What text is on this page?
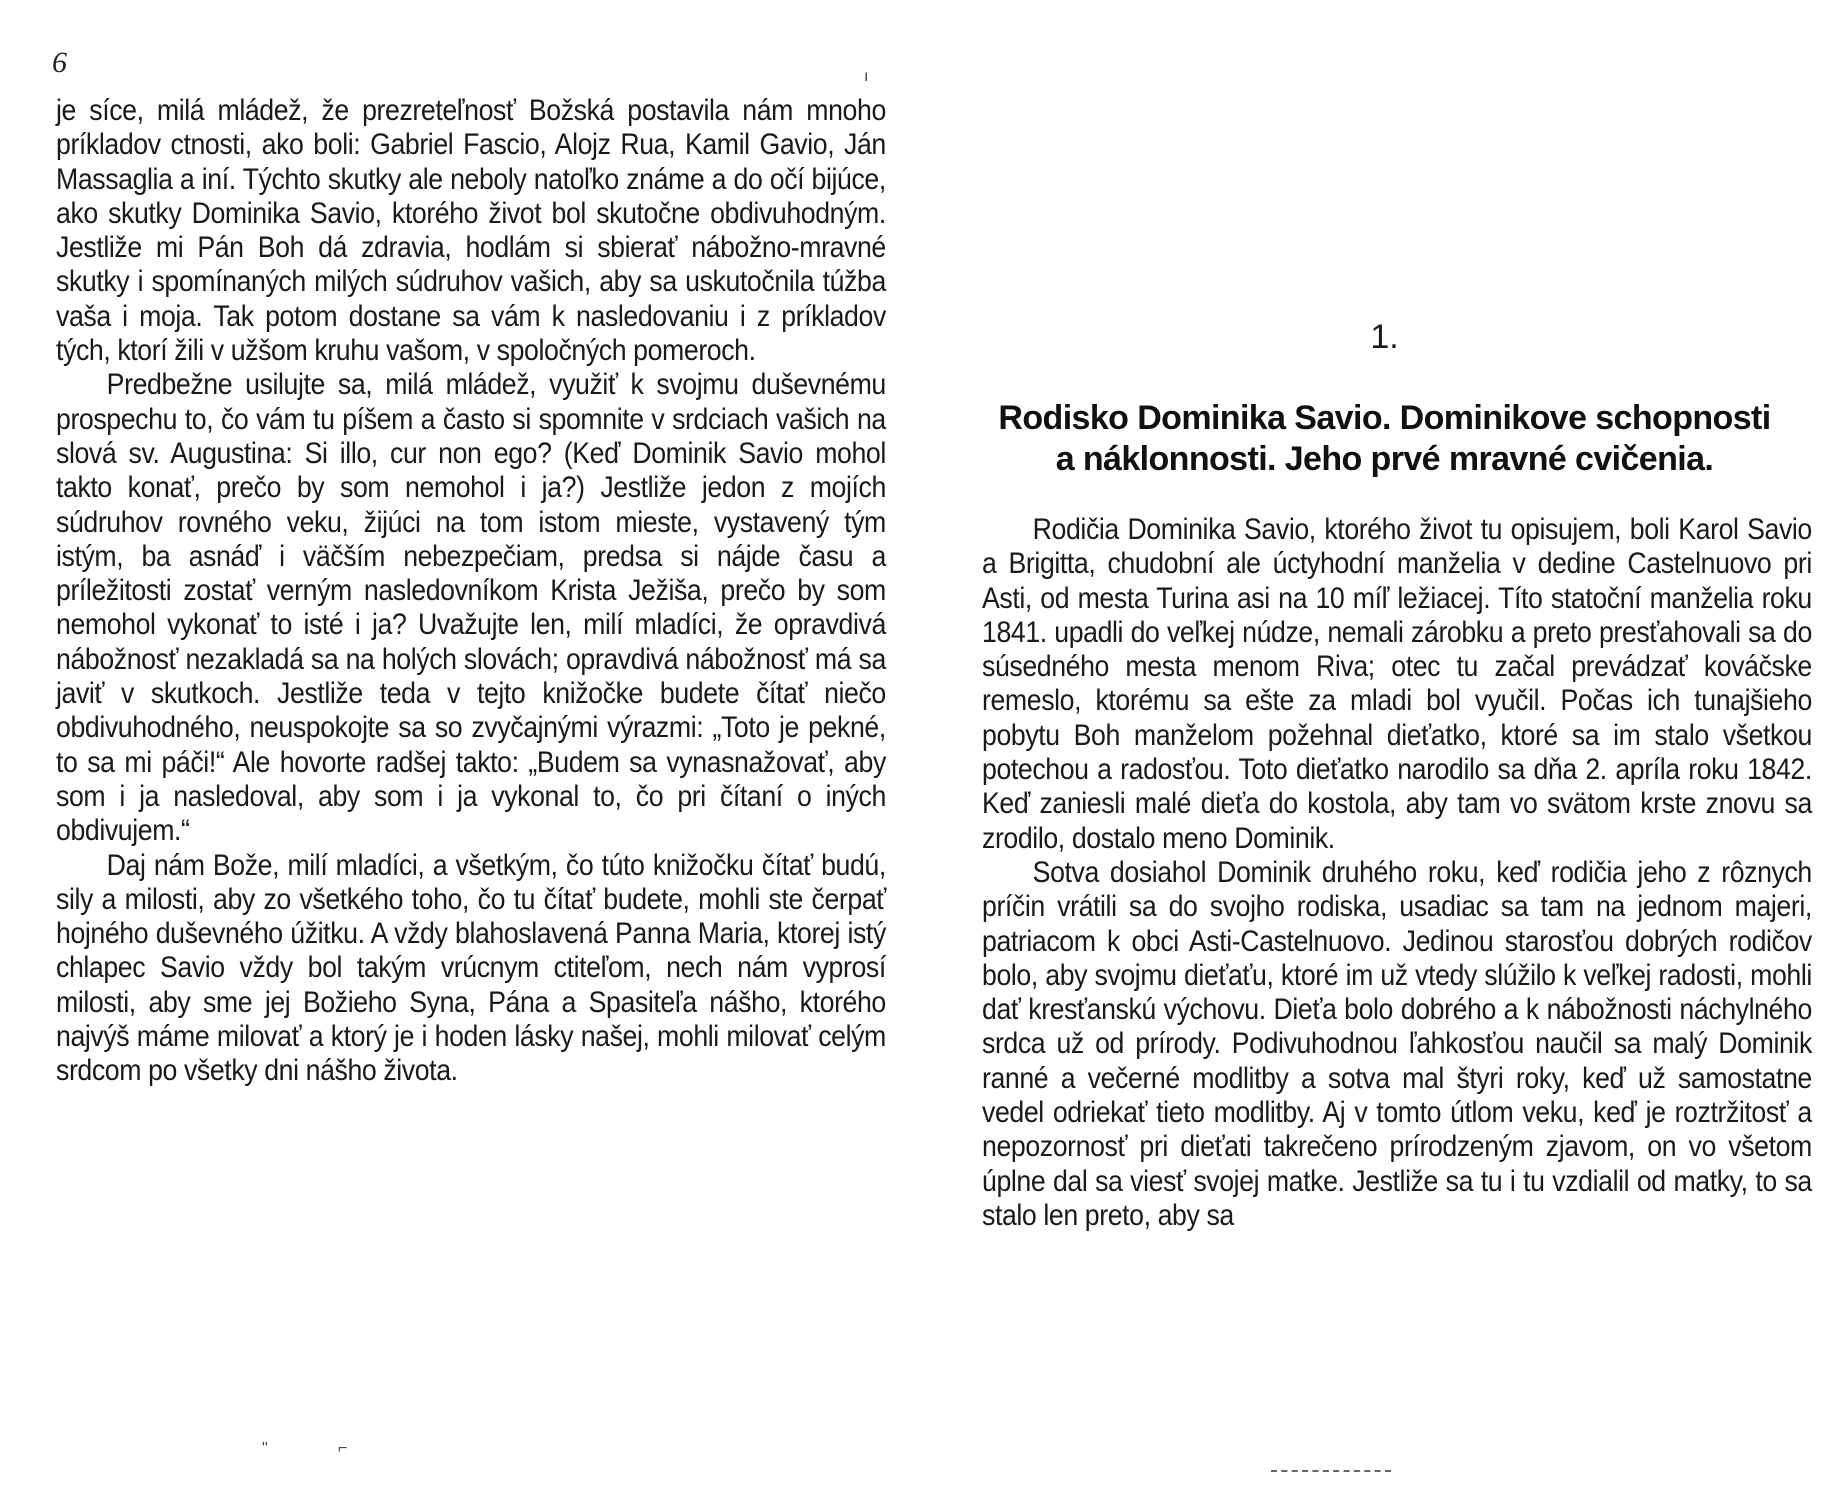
6	ı
"	⌐

je síce, milá mládež, že prezreteľnosť Božská postavila nám mnoho príkladov ctnosti, ako boli: Gabriel Fascio, Alojz Rua, Kamil Gavio, Ján Massaglia a iní. Týchto skutky ale neboly natoľko známe a do očí bijúce, ako skutky Dominika Savio, ktorého život bol skutočne obdivuhodným. Jestliže mi Pán Boh dá zdravia, hodlám si sbierať nábožno-mravné skutky i spomínaných milých súdruhov vašich, aby sa uskutočnila túžba vaša i moja. Tak potom dostane sa vám k nasledovaniu i z príkladov tých, ktorí žili v užšom kruhu vašom, v spoločných pomeroch.

Predbežne usilujte sa, milá mládež, využiť k svojmu duševnému prospechu to, čo vám tu píšem a často si spomnite v srdciach vašich na slová sv. Augustina: Si illo, cur non ego? (Keď Dominik Savio mohol takto konať, prečo by som nemohol i ja?) Jestliže jedon z mojích súdruhov rovného veku, žijúci na tom istom mieste, vystavený tým istým, ba asnáď i väčším nebezpečiam, predsa si nájde času a príležitosti zostať verným nasledovníkom Krista Ježiša, prečo by som nemohol vykonať to isté i ja? Uvažujte len, milí mladíci, že opravdivá nábožnosť nezakladá sa na holých slovách; opravdivá nábožnosť má sa javiť v skutkoch. Jestliže teda v tejto knižočke budete čítať niečo obdivuhodného, neuspokojte sa so zvyčajnými výrazmi: „Toto je pekné, to sa mi páči!“ Ale hovorte radšej takto: „Budem sa vynasnažovať, aby som i ja nasledoval, aby som i ja vykonal to, čo pri čítaní o iných obdivujem.“

Daj nám Bože, milí mladíci, a všetkým, čo túto knižočku čítať budú, sily a milosti, aby zo všetkého toho, čo tu čítať budete, mohli ste čerpať hojného duševného úžitku. A vždy blahoslavená Panna Maria, ktorej istý chlapec Savio vždy bol takým vrúcnym ctiteľom, nech nám vyprosí milosti, aby sme jej Božieho Syna, Pána a Spasiteľa nášho, ktorého najvýš máme milovať a ktorý je i hoden lásky našej, mohli milovať celým srdcom po všetky dni nášho života.

1.
Rodisko Dominika Savio. Dominikove schopnosti
a náklonnosti. Jeho prvé mravné cvičenia.

Rodičia Dominika Savio, ktorého život tu opisujem, boli Karol Savio a Brigitta, chudobní ale úctyhodní manželia v dedine Castelnuovo pri Asti, od mesta Turina asi na 10 míľ ležiacej. Títo statoční manželia roku 1841. upadli do veľkej núdze, nemali zárobku a preto presťahovali sa do súsedného mesta menom Riva; otec tu začal prevádzať kováčske remeslo, ktorému sa ešte za mladi bol vyučil. Počas ich tunajšieho pobytu Boh manželom požehnal dieťatko, ktoré sa im stalo všetkou potechou a radosťou. Toto dieťatko narodilo sa dňa 2. apríla roku 1842. Keď zaniesli malé dieťa do kostola, aby tam vo svätom krste znovu sa zrodilo, dostalo meno Dominik.

Sotva dosiahol Dominik druhého roku, keď rodičia jeho z rôznych príčin vrátili sa do svojho rodiska, usadiac sa tam na jednom majeri, patriacom k obci Asti-Castelnuovo. Jedinou starosťou dobrých rodičov bolo, aby svojmu dieťaťu, ktoré im už vtedy slúžilo k veľkej radosti, mohli dať kresťanskú výchovu. Dieťa bolo dobrého a k nábožnosti náchylného srdca už od prírody. Podivuhodnou ľahkosťou naučil sa malý Dominik ranné a večerné modlitby a sotva mal štyri roky, keď už samostatne vedel odriekať tieto modlitby. Aj v tomto útlom veku, keď je roztržitosť a nepozornosť pri dieťati takrečeno prírodzeným zjavom, on vo všetom úplne dal sa viesť svojej matke. Jestliže sa tu i tu vzdialil od matky, to sa stalo len preto, aby sa
